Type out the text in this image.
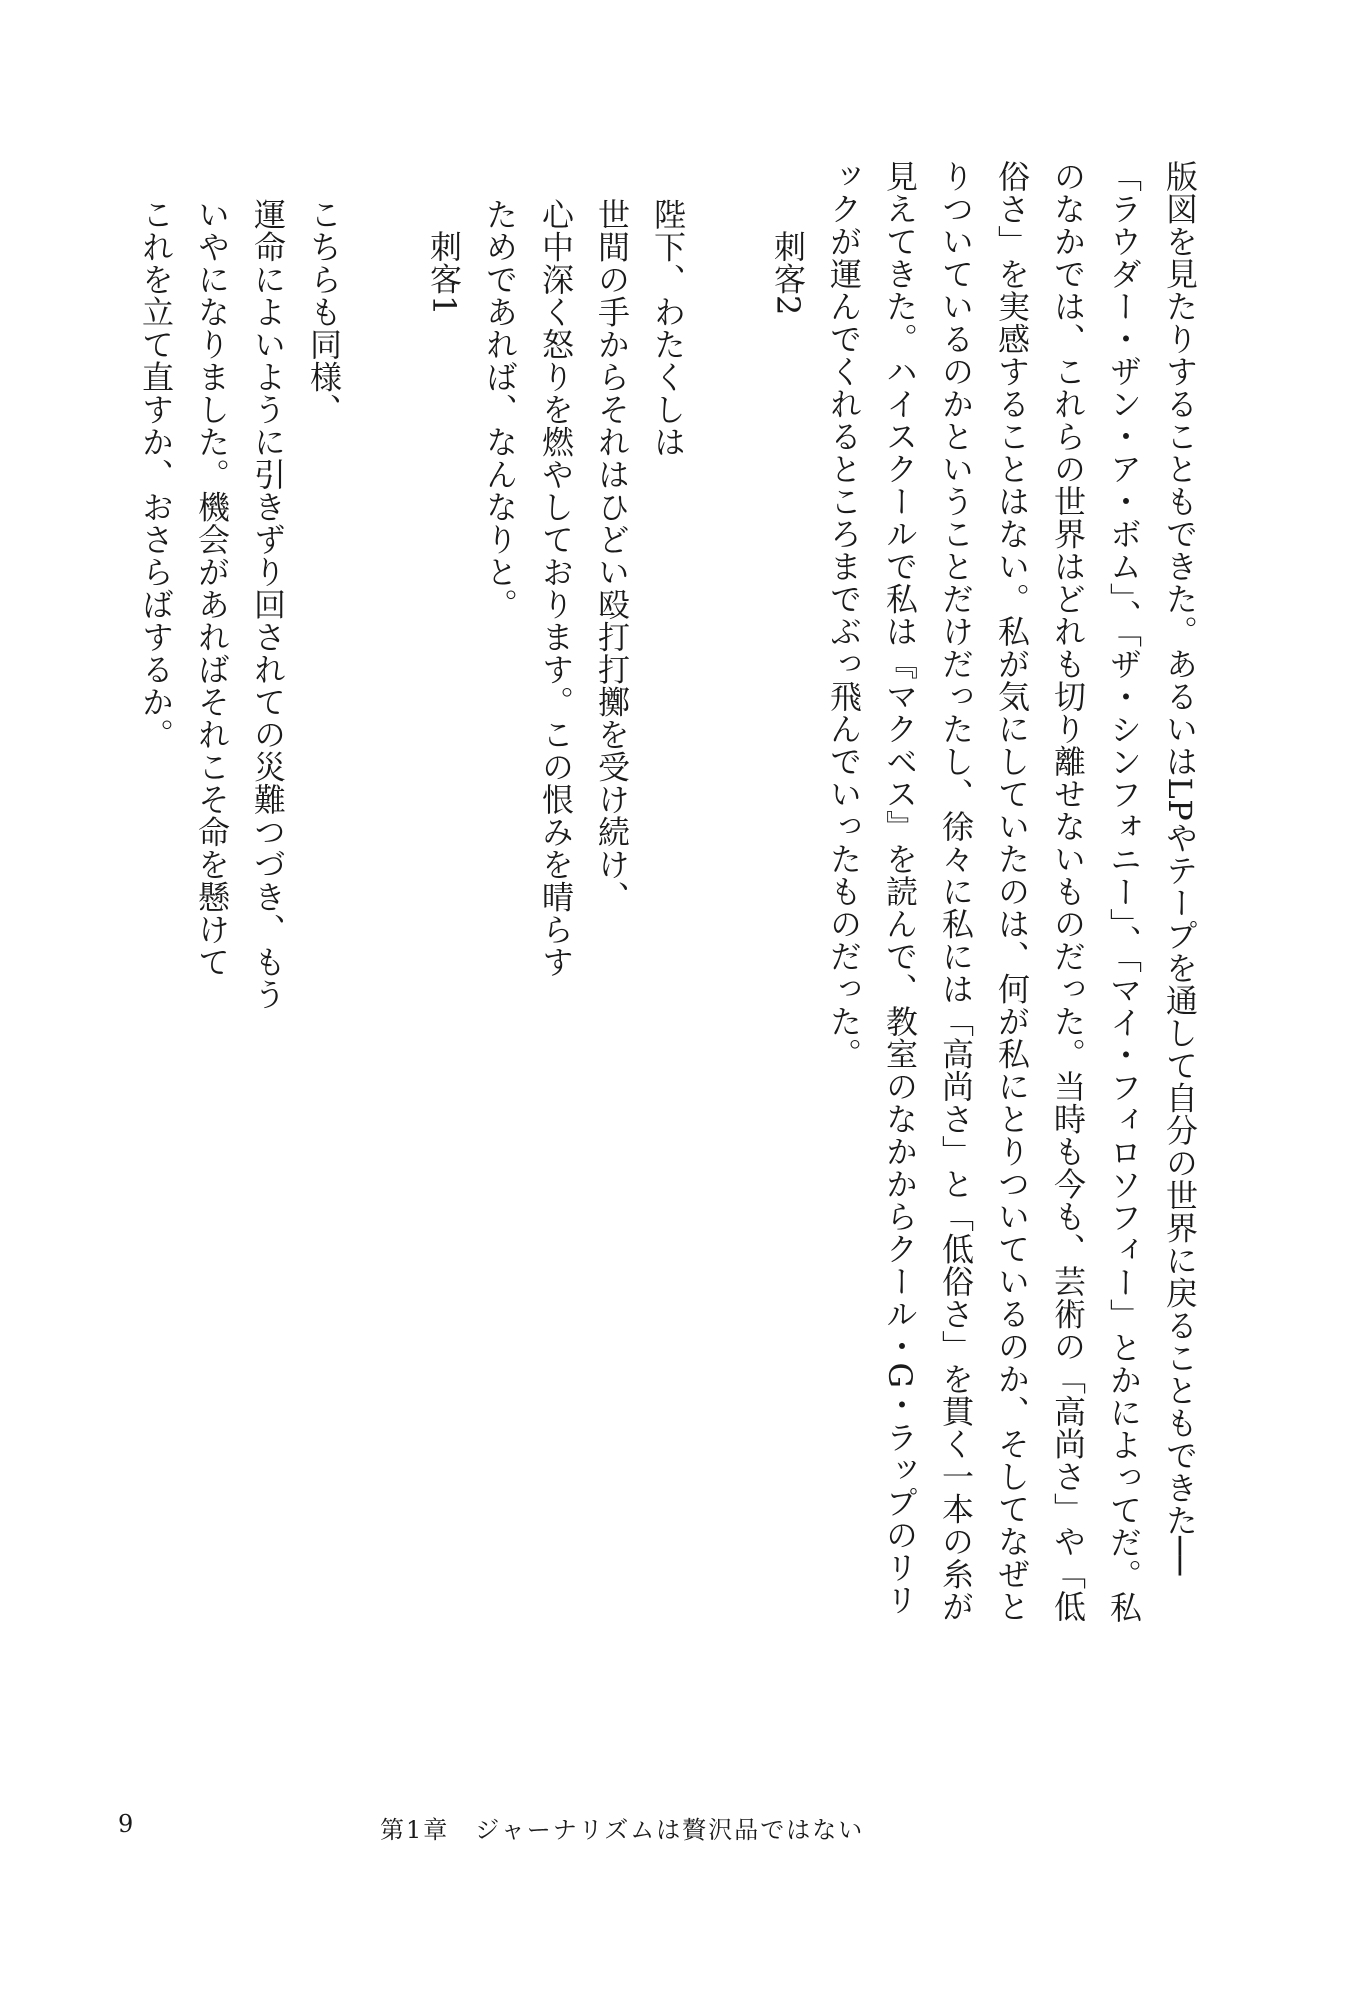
版図を見たりすることもできた。あるいはLPやテープを通して自分の世界に戻ることもできた──
「ラウダー・ザン・ア・ボム」、「ザ・シンフォニー」、「マイ・フィロソフィー」とかによってだ。私
のなかでは、これらの世界はどれも切り離せないものだった。当時も今も、芸術の「高尚さ」や「低
俗さ」を実感することはない。私が気にしていたのは、何が私にとりついているのか、そしてなぜと
りついているのかということだけだったし、徐々に私には「高尚さ」と「低俗さ」を貫く一本の糸が
見えてきた。ハイスクールで私は『マクベス』を読んで、教室のなかからクール・G・ラップのリリ
ックが運んでくれるところまでぶっ飛んでいったものだった。
刺客2
陛下、わたくしは
世間の手からそれはひどい殴打打擲を受け続け、
心中深く怒りを燃やしております。この恨みを晴らす
ためであれば、なんなりと。
刺客1
こちらも同様、
運命によいように引きずり回されての災難つづき、もう
いやになりました。機会があればそれこそ命を懸けて
これを立て直すか、おさらばするか。
9	第1章　ジャーナリズムは贅沢品ではない
